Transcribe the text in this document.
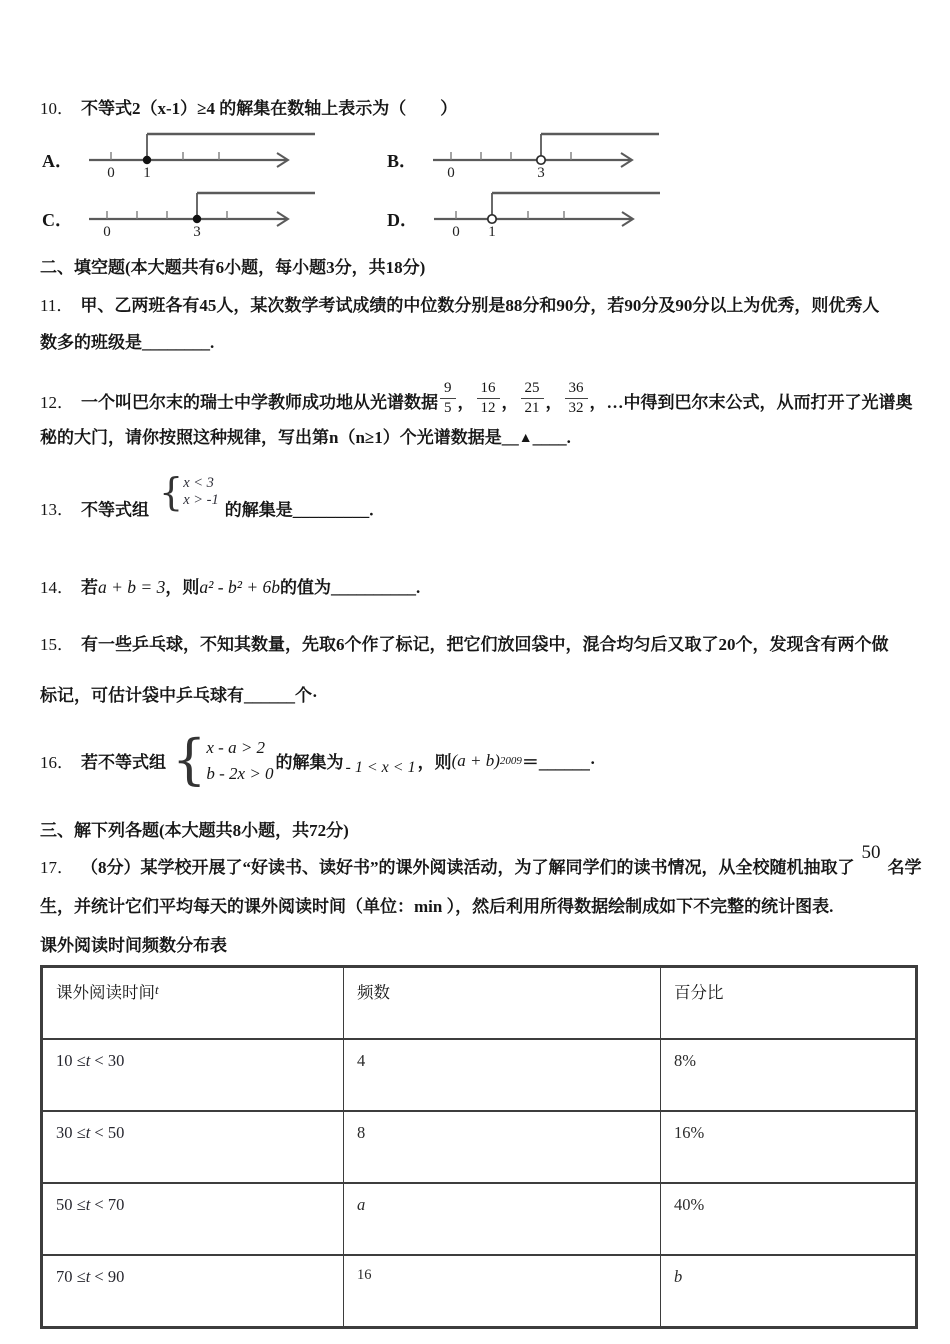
10． 不等式2（x-1）≥4 的解集在数轴上表示为（　　）

A．
0 1
B．
0	3
C．
0	3
D．
0 1

二、填空题(本大题共有6小题，每小题3分，共18分)

11． 甲、乙两班各有45人，某次数学考试成绩的中位数分别是88分和90分，若90分及90分以上为优秀，则优秀人

数多的班级是________.

12． 一个叫巴尔末的瑞士中学教师成功地从光谱数据 $\frac{9}{5}$ ， $\frac{16}{12}$ ， $\frac{25}{21}$ ， $\frac{36}{32}$ ，…中得到巴尔末公式，从而打开了光谱奥

秘的大门，请你按照这种规律，写出第n（n≥1）个光谱数据是__▲____.

13． 不等式组 { x < 3
x > -1 的解集是_________.

14． 若a + b = 3，则a² - b² + 6b的值为__________.

15． 有一些乒乓球，不知其数量，先取6个作了标记，把它们放回袋中，混合均匀后又取了20个，发现含有两个做

标记，可估计袋中乒乓球有______个·

16． 若不等式组 { x - a > 2
b - 2x > 0
的解集为 - 1 < x < 1 ，则 (a + b) 2009 ＝______·

三、解下列各题(本大题共8小题，共72分)

17． （8分）某学校开展了“好读书、读好书”的课外阅读活动，为了解同学们的读书情况，从全校随机抽取了
50
名学

生，并统计它们平均每天的课外阅读时间（单位：min ），然后利用所得数据绘制成如下不完整的统计图表.

课外阅读时间频数分布表

课外阅读时间$^t$	频数	百分比
10 ≤t < 30	4	8%
30 ≤t < 50	8	16%
50 ≤t < 70	a	40%
70 ≤t < 90	16	b
